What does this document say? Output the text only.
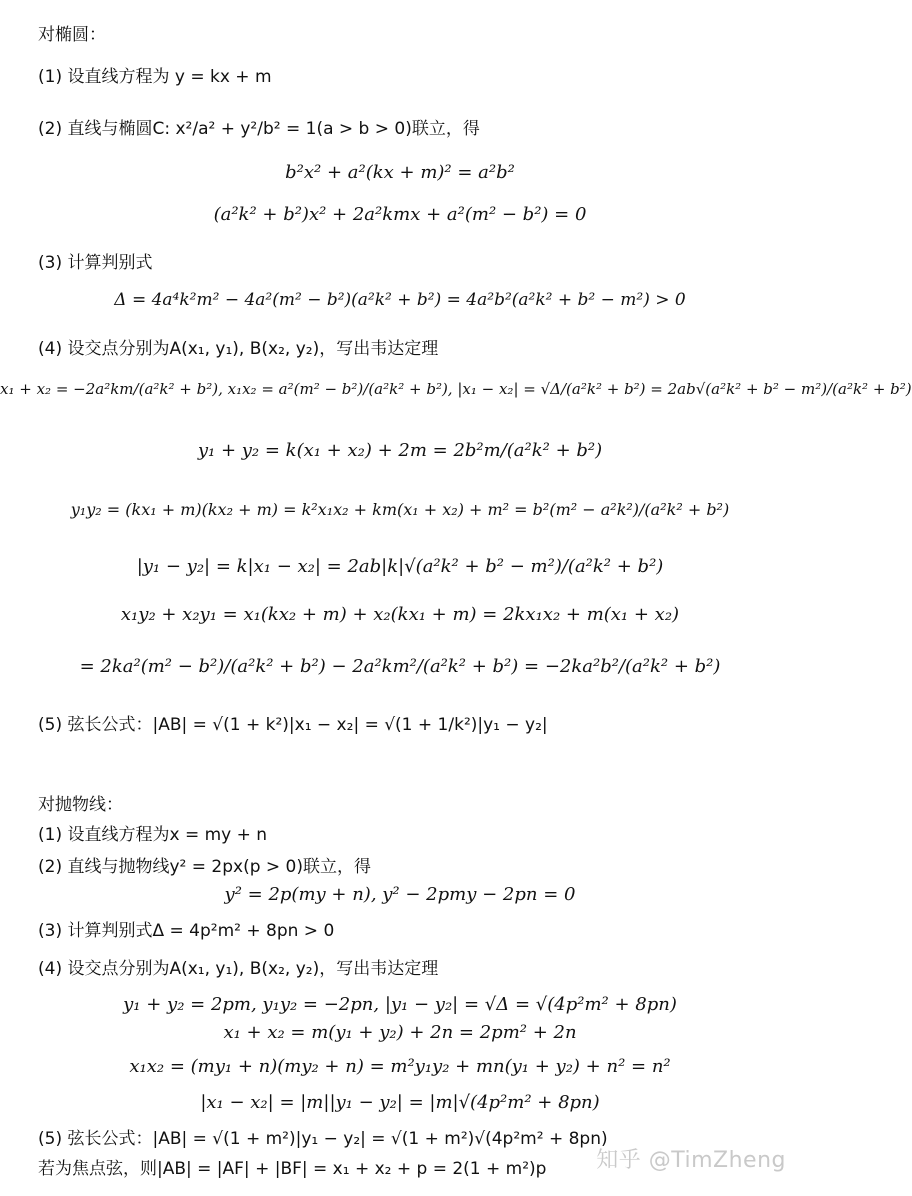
对椭圆：
(1) 设直线方程为 y = kx + m
(2) 直线与椭圆C: x²/a² + y²/b² = 1(a > b > 0)联立，得
b²x² + a²(kx + m)² = a²b²
(a²k² + b²)x² + 2a²kmx + a²(m² − b²) = 0
(3) 计算判别式
Δ = 4a⁴k²m² − 4a²(m² − b²)(a²k² + b²) = 4a²b²(a²k² + b² − m²) > 0
(4) 设交点分别为A(x₁, y₁), B(x₂, y₂)，写出韦达定理
x₁ + x₂ = −2a²km/(a²k² + b²), x₁x₂ = a²(m² − b²)/(a²k² + b²), |x₁ − x₂| = √Δ/(a²k² + b²) = 2ab√(a²k² + b² − m²)/(a²k² + b²)
y₁ + y₂ = k(x₁ + x₂) + 2m = 2b²m/(a²k² + b²)
y₁y₂ = (kx₁ + m)(kx₂ + m) = k²x₁x₂ + km(x₁ + x₂) + m² = b²(m² − a²k²)/(a²k² + b²)
|y₁ − y₂| = k|x₁ − x₂| = 2ab|k|√(a²k² + b² − m²)/(a²k² + b²)
x₁y₂ + x₂y₁ = x₁(kx₂ + m) + x₂(kx₁ + m) = 2kx₁x₂ + m(x₁ + x₂)
= 2ka²(m² − b²)/(a²k² + b²) − 2a²km²/(a²k² + b²) = −2ka²b²/(a²k² + b²)
(5) 弦长公式：|AB| = √(1 + k²)|x₁ − x₂| = √(1 + 1/k²)|y₁ − y₂|
对抛物线：
(1) 设直线方程为x = my + n
(2) 直线与抛物线y² = 2px(p > 0)联立，得
y² = 2p(my + n), y² − 2pmy − 2pn = 0
(3) 计算判别式Δ = 4p²m² + 8pn > 0
(4) 设交点分别为A(x₁, y₁), B(x₂, y₂)，写出韦达定理
y₁ + y₂ = 2pm, y₁y₂ = −2pn, |y₁ − y₂| = √Δ = √(4p²m² + 8pn)
x₁ + x₂ = m(y₁ + y₂) + 2n = 2pm² + 2n
x₁x₂ = (my₁ + n)(my₂ + n) = m²y₁y₂ + mn(y₁ + y₂) + n² = n²
|x₁ − x₂| = |m||y₁ − y₂| = |m|√(4p²m² + 8pn)
(5) 弦长公式：|AB| = √(1 + m²)|y₁ − y₂| = √(1 + m²)√(4p²m² + 8pn)
若为焦点弦，则|AB| = |AF| + |BF| = x₁ + x₂ + p = 2(1 + m²)p 知乎 @TimZheng
